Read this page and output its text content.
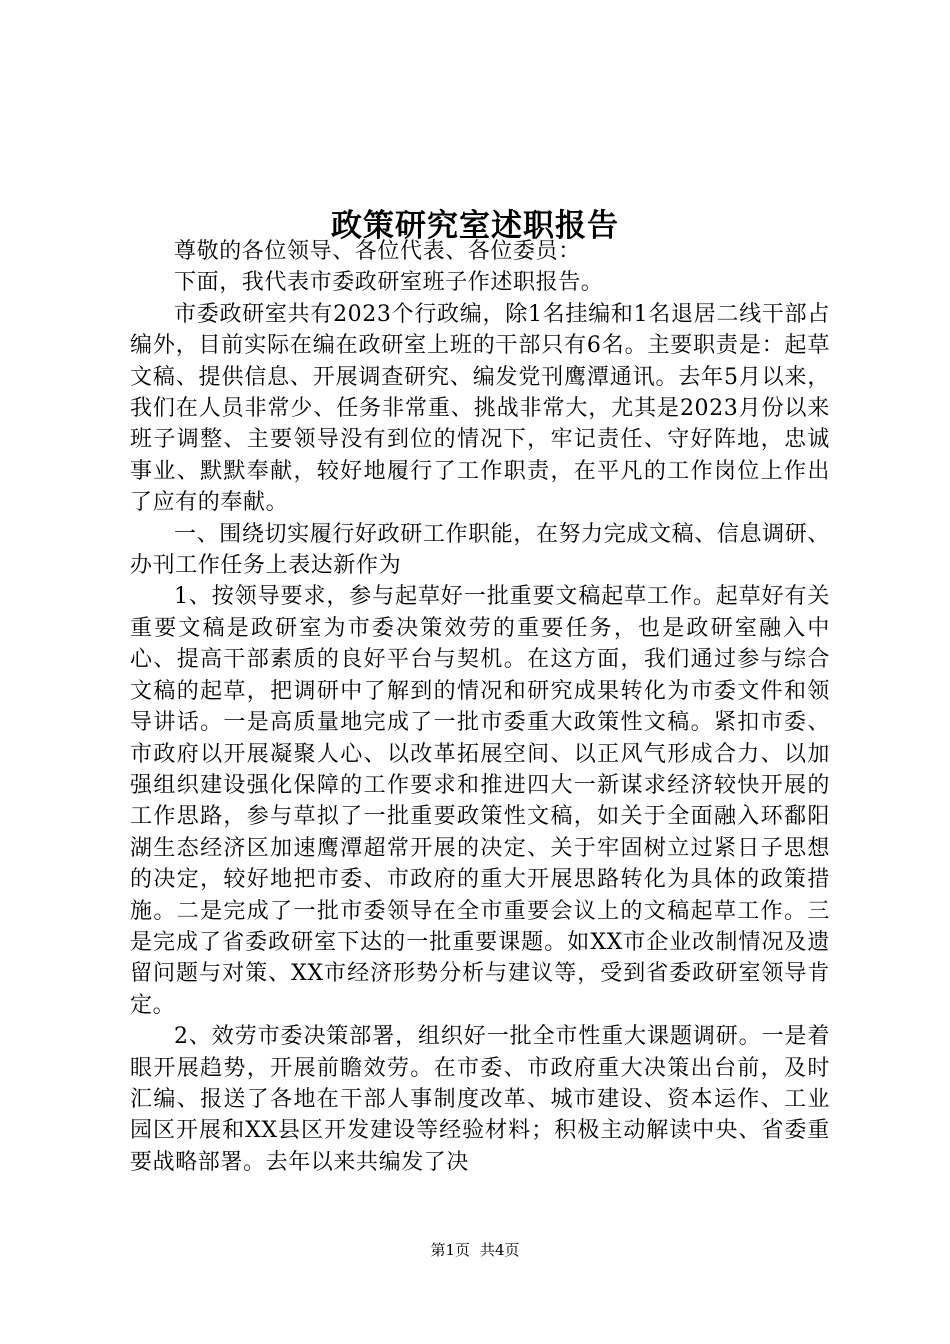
政策研究室述职报告

尊敬的各位领导、各位代表、各位委员：

下面，我代表市委政研室班子作述职报告。

市委政研室共有2023个行政编，除1名挂编和1名退居二线干部占编外，目前实际在编在政研室上班的干部只有6名。主要职责是：起草文稿、提供信息、开展调查研究、编发党刊鹰潭通讯。去年5月以来，我们在人员非常少、任务非常重、挑战非常大，尤其是2023月份以来班子调整、主要领导没有到位的情况下，牢记责任、守好阵地，忠诚事业、默默奉献，较好地履行了工作职责，在平凡的工作岗位上作出了应有的奉献。

一、围绕切实履行好政研工作职能，在努力完成文稿、信息调研、办刊工作任务上表达新作为

1、按领导要求，参与起草好一批重要文稿起草工作。起草好有关重要文稿是政研室为市委决策效劳的重要任务，也是政研室融入中心、提高干部素质的良好平台与契机。在这方面，我们通过参与综合文稿的起草，把调研中了解到的情况和研究成果转化为市委文件和领导讲话。一是高质量地完成了一批市委重大政策性文稿。紧扣市委、市政府以开展凝聚人心、以改革拓展空间、以正风气形成合力、以加强组织建设强化保障的工作要求和推进四大一新谋求经济较快开展的工作思路，参与草拟了一批重要政策性文稿，如关于全面融入环鄱阳湖生态经济区加速鹰潭超常开展的决定、关于牢固树立过紧日子思想的决定，较好地把市委、市政府的重大开展思路转化为具体的政策措施。二是完成了一批市委领导在全市重要会议上的文稿起草工作。三是完成了省委政研室下达的一批重要课题。如XX市企业改制情况及遗留问题与对策、XX市经济形势分析与建议等，受到省委政研室领导肯定。

2、效劳市委决策部署，组织好一批全市性重大课题调研。一是着眼开展趋势，开展前瞻效劳。在市委、市政府重大决策出台前，及时汇编、报送了各地在干部人事制度改革、城市建设、资本运作、工业园区开展和XX县区开发建设等经验材料；积极主动解读中央、省委重要战略部署。去年以来共编发了决

第1页 共4页
